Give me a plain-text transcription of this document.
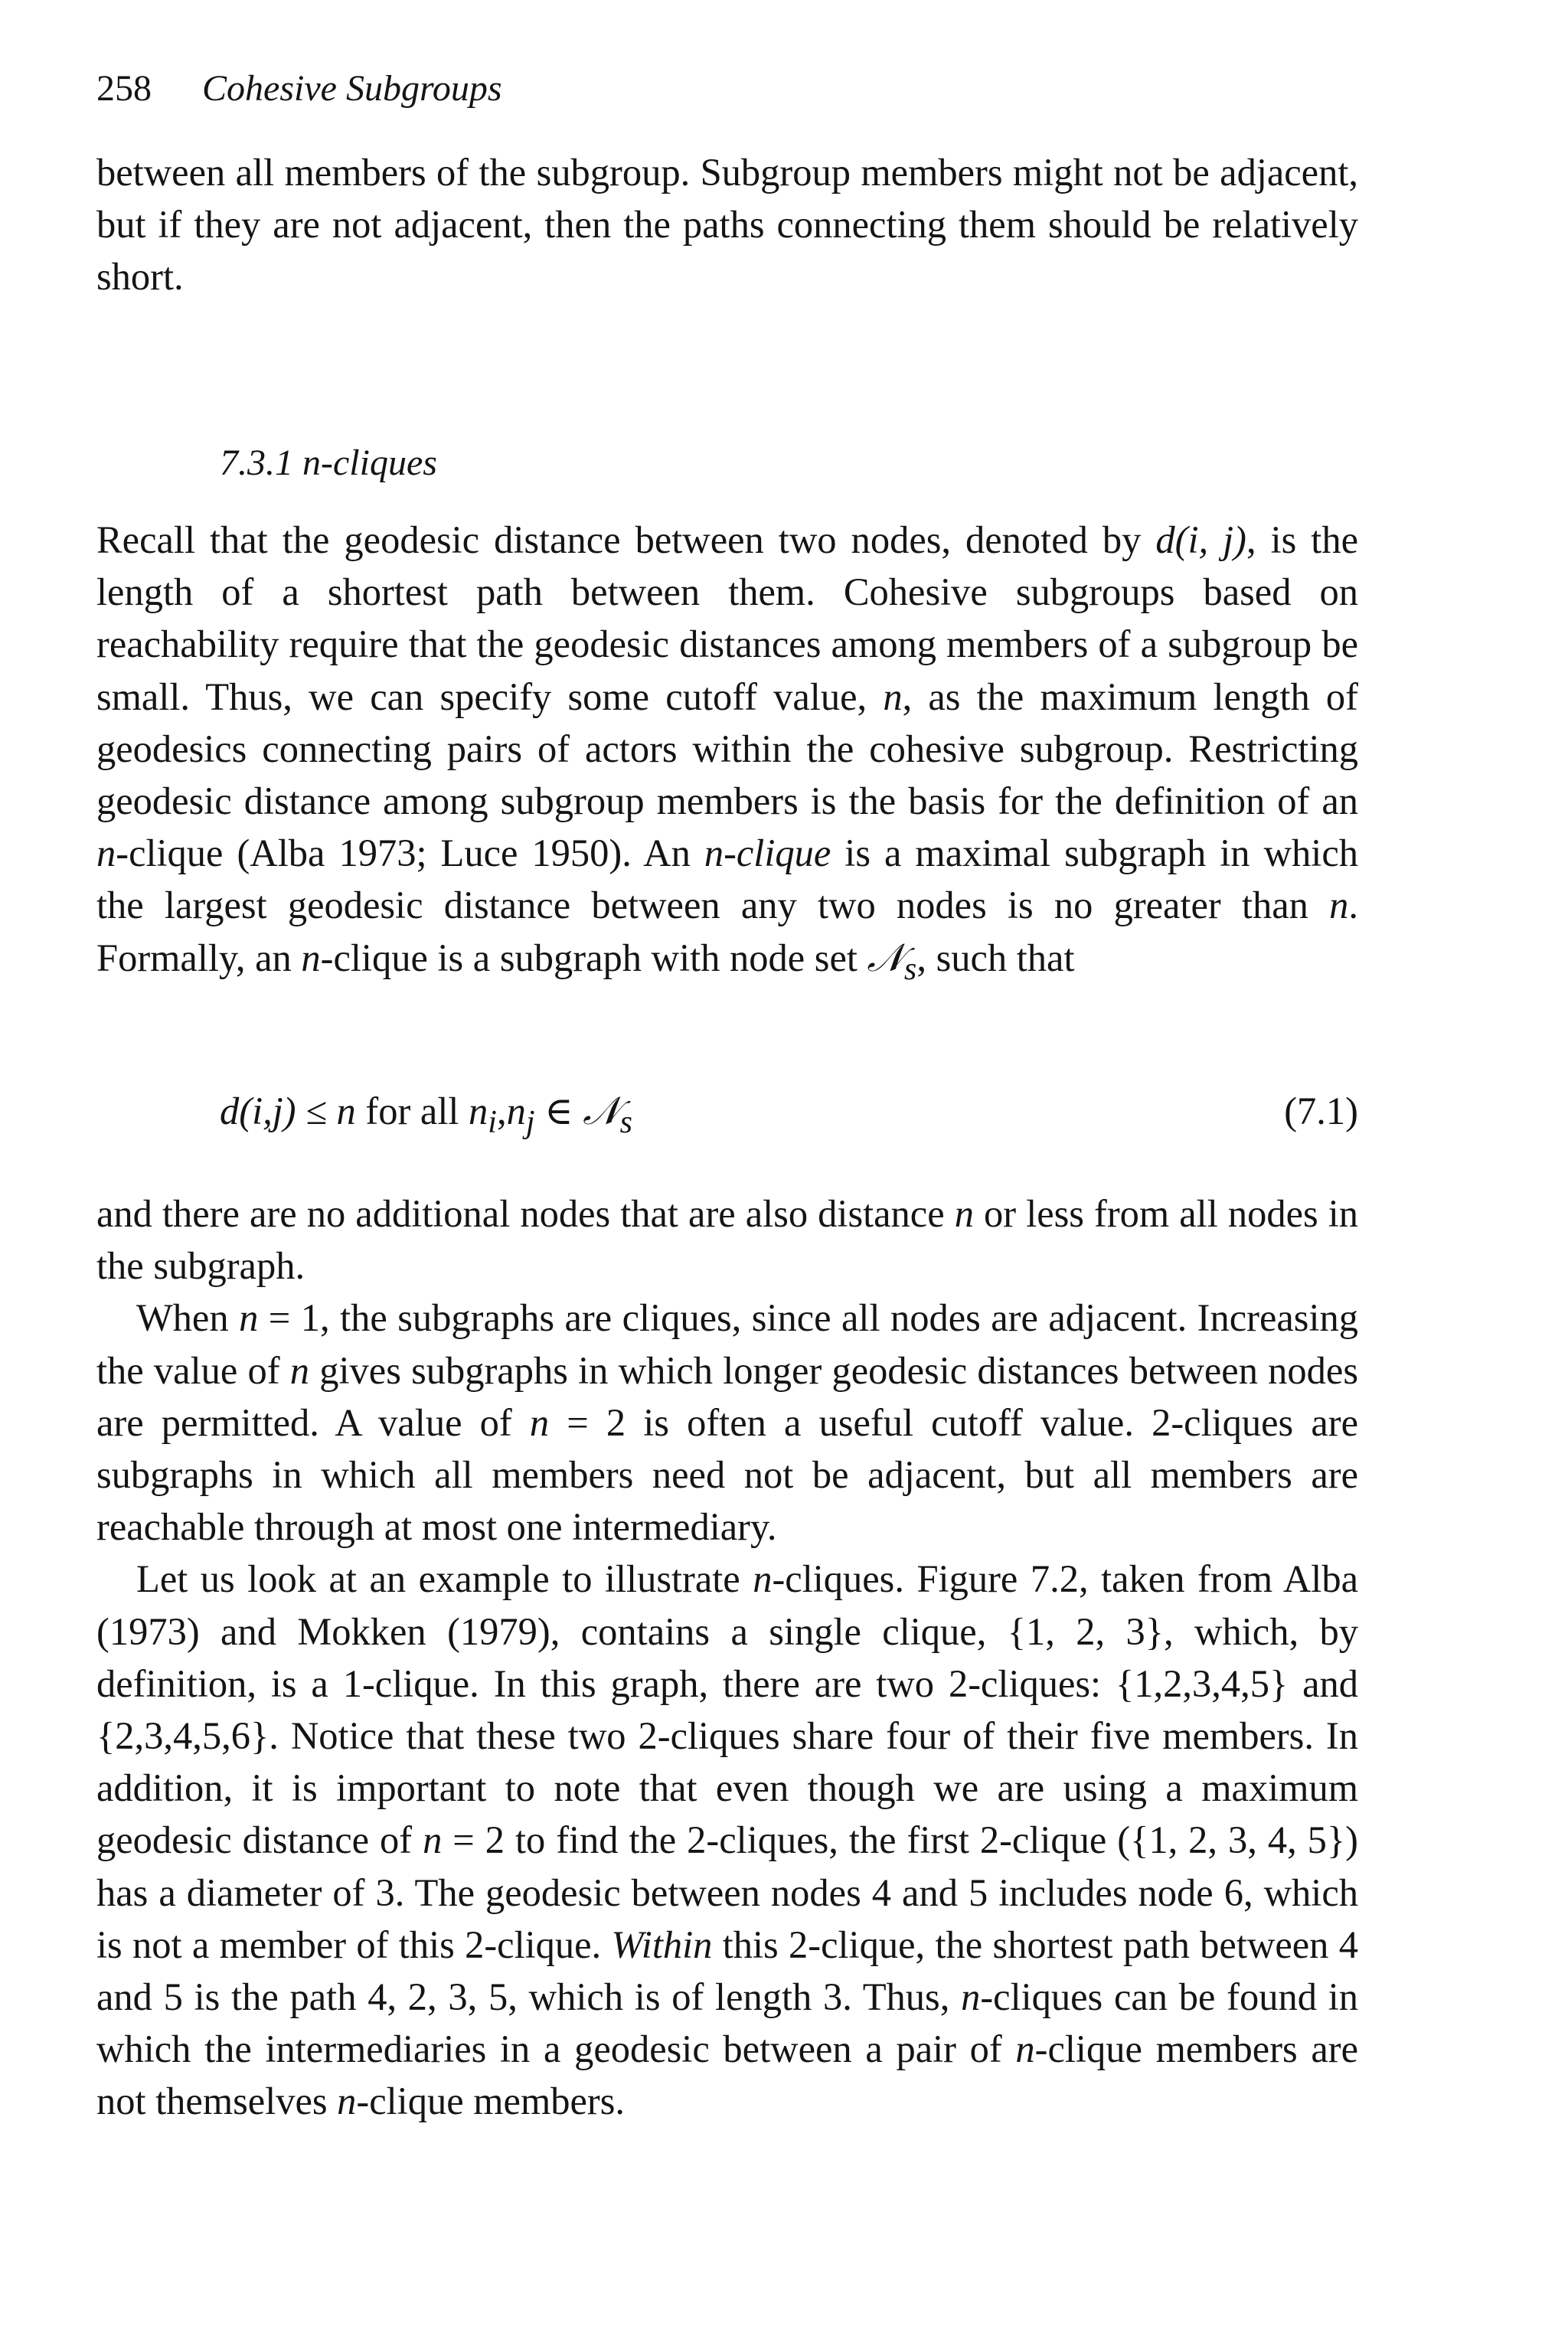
258 Cohesive Subgroups

between all members of the subgroup. Subgroup members might not be adjacent, but if they are not adjacent, then the paths connecting them should be relatively short.

7.3.1 n-cliques

Recall that the geodesic distance between two nodes, denoted by d(i, j), is the length of a shortest path between them. Cohesive subgroups based on reachability require that the geodesic distances among members of a subgroup be small. Thus, we can specify some cutoff value, n, as the maximum length of geodesics connecting pairs of actors within the cohesive subgroup. Restricting geodesic distance among subgroup members is the basis for the definition of an n-clique (Alba 1973; Luce 1950). An n-clique is a maximal subgraph in which the largest geodesic distance between any two nodes is no greater than n. Formally, an n-clique is a subgraph with node set 𝒩$_s$, such that

d(i,j) ≤ n for all $n_i,n_j$ ∈ 𝒩$_s$	(7.1)

and there are no additional nodes that are also distance n or less from all nodes in the subgraph.

When n = 1, the subgraphs are cliques, since all nodes are adjacent. Increasing the value of n gives subgraphs in which longer geodesic distances between nodes are permitted. A value of n = 2 is often a useful cutoff value. 2-cliques are subgraphs in which all members need not be adjacent, but all members are reachable through at most one intermediary.

Let us look at an example to illustrate n-cliques. Figure 7.2, taken from Alba (1973) and Mokken (1979), contains a single clique, {1, 2, 3}, which, by definition, is a 1-clique. In this graph, there are two 2-cliques: {1,2,3,4,5} and {2,3,4,5,6}. Notice that these two 2-cliques share four of their five members. In addition, it is important to note that even though we are using a maximum geodesic distance of n = 2 to find the 2-cliques, the first 2-clique ({1, 2, 3, 4, 5}) has a diameter of 3. The geodesic between nodes 4 and 5 includes node 6, which is not a member of this 2-clique. Within this 2-clique, the shortest path between 4 and 5 is the path 4, 2, 3, 5, which is of length 3. Thus, n-cliques can be found in which the intermediaries in a geodesic between a pair of n-clique members are not themselves n-clique members.
